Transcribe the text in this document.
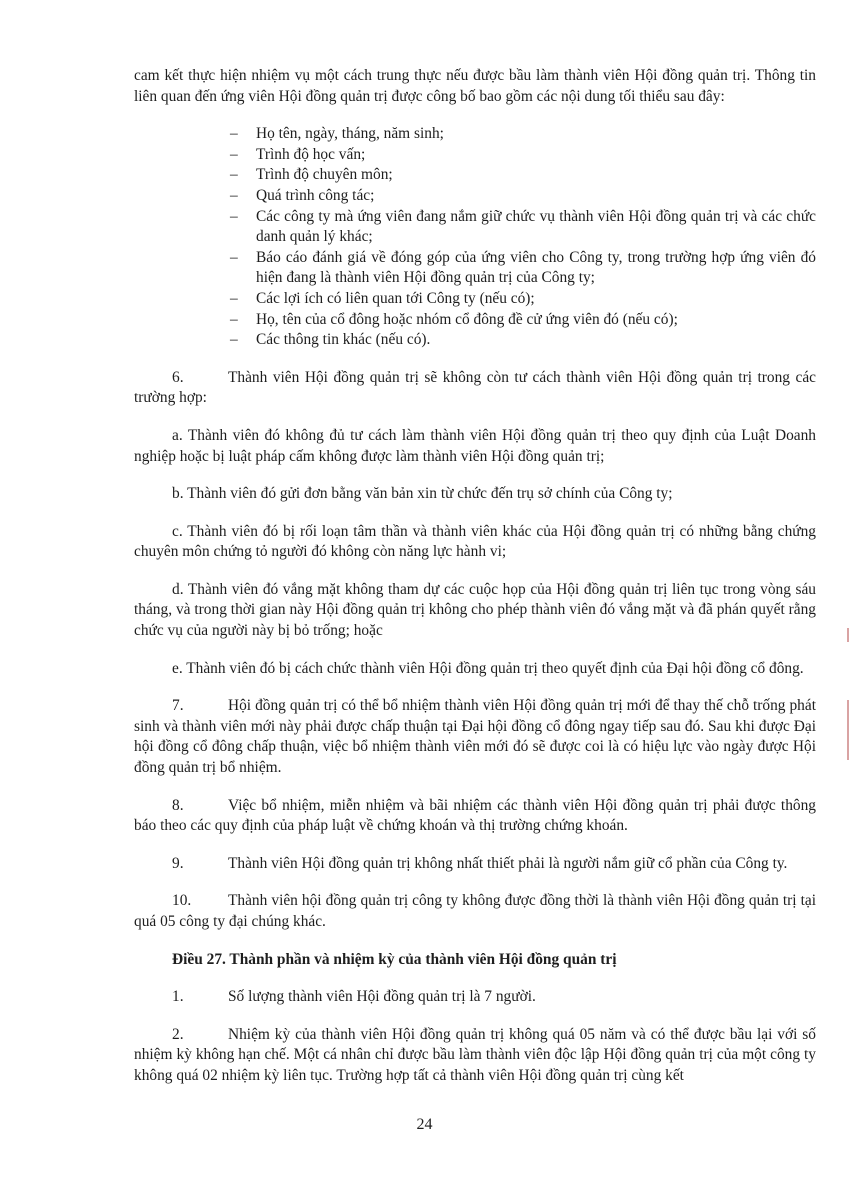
cam kết thực hiện nhiệm vụ một cách trung thực nếu được bầu làm thành viên Hội đồng quản trị. Thông tin liên quan đến ứng viên Hội đồng quản trị được công bố bao gồm các nội dung tối thiểu sau đây:

– Họ tên, ngày, tháng, năm sinh;
– Trình độ học vấn;
– Trình độ chuyên môn;
– Quá trình công tác;
– Các công ty mà ứng viên đang nắm giữ chức vụ thành viên Hội đồng quản trị và các chức danh quản lý khác;
– Báo cáo đánh giá về đóng góp của ứng viên cho Công ty, trong trường hợp ứng viên đó hiện đang là thành viên Hội đồng quản trị của Công ty;
– Các lợi ích có liên quan tới Công ty (nếu có);
– Họ, tên của cổ đông hoặc nhóm cổ đông đề cử ứng viên đó (nếu có);
– Các thông tin khác (nếu có).

6.	Thành viên Hội đồng quản trị sẽ không còn tư cách thành viên Hội đồng quản trị trong các trường hợp:

a. Thành viên đó không đủ tư cách làm thành viên Hội đồng quản trị theo quy định của Luật Doanh nghiệp hoặc bị luật pháp cấm không được làm thành viên Hội đồng quản trị;

b. Thành viên đó gửi đơn bằng văn bản xin từ chức đến trụ sở chính của Công ty;

c. Thành viên đó bị rối loạn tâm thần và thành viên khác của Hội đồng quản trị có những bằng chứng chuyên môn chứng tỏ người đó không còn năng lực hành vi;

d. Thành viên đó vắng mặt không tham dự các cuộc họp của Hội đồng quản trị liên tục trong vòng sáu tháng, và trong thời gian này Hội đồng quản trị không cho phép thành viên đó vắng mặt và đã phán quyết rằng chức vụ của người này bị bỏ trống; hoặc

e. Thành viên đó bị cách chức thành viên Hội đồng quản trị theo quyết định của Đại hội đồng cổ đông.

7.	Hội đồng quản trị có thể bổ nhiệm thành viên Hội đồng quản trị mới để thay thế chỗ trống phát sinh và thành viên mới này phải được chấp thuận tại Đại hội đồng cổ đông ngay tiếp sau đó. Sau khi được Đại hội đồng cổ đông chấp thuận, việc bổ nhiệm thành viên mới đó sẽ được coi là có hiệu lực vào ngày được Hội đồng quản trị bổ nhiệm.

8.	Việc bổ nhiệm, miễn nhiệm và bãi nhiệm các thành viên Hội đồng quản trị phải được thông báo theo các quy định của pháp luật về chứng khoán và thị trường chứng khoán.

9.	Thành viên Hội đồng quản trị không nhất thiết phải là người nắm giữ cổ phần của Công ty.

10. Thành viên hội đồng quản trị công ty không được đồng thời là thành viên Hội đồng quản trị tại quá 05 công ty đại chúng khác.

Điều 27. Thành phần và nhiệm kỳ của thành viên Hội đồng quản trị

1.	Số lượng thành viên Hội đồng quản trị là 7 người.

2.	Nhiệm kỳ của thành viên Hội đồng quản trị không quá 05 năm và có thể được bầu lại với số nhiệm kỳ không hạn chế. Một cá nhân chỉ được bầu làm thành viên độc lập Hội đồng quản trị của một công ty không quá 02 nhiệm kỳ liên tục. Trường hợp tất cả thành viên Hội đồng quản trị cùng kết

24
